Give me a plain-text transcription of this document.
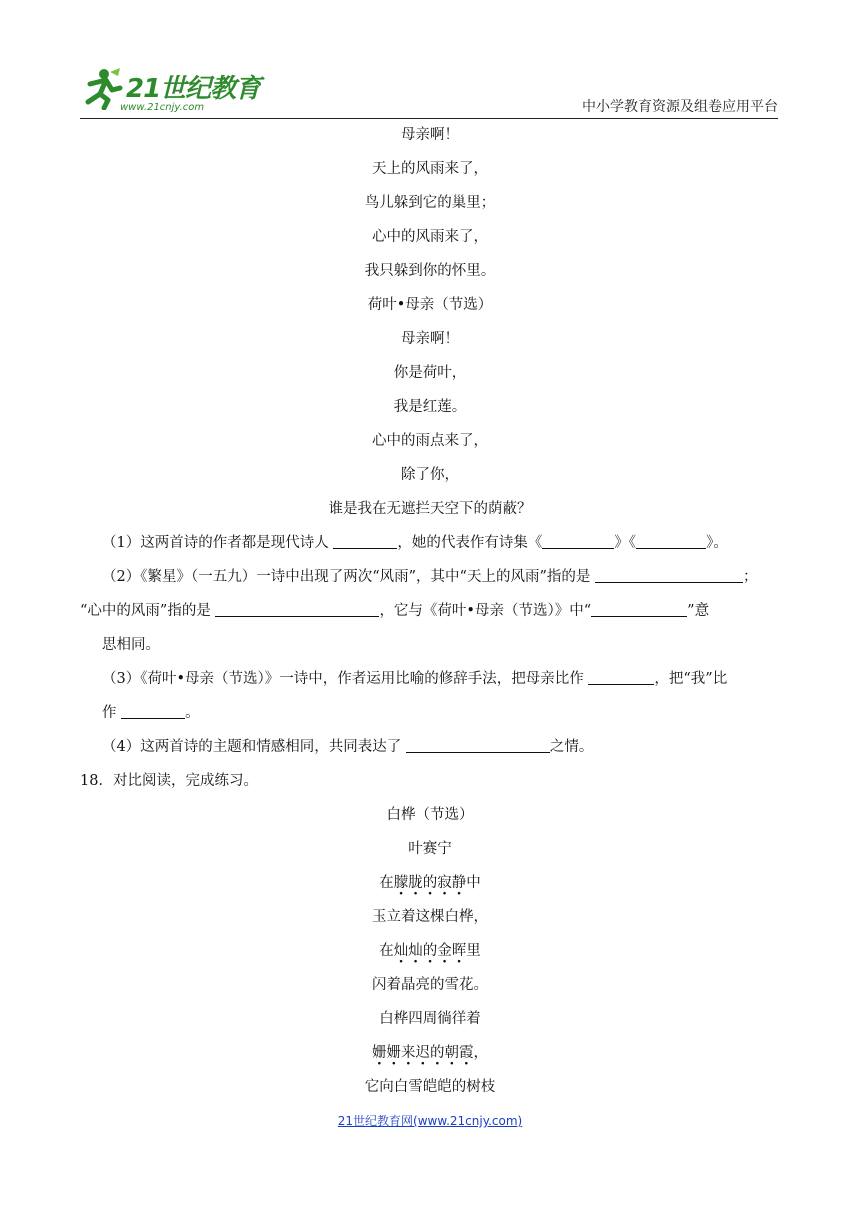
21世纪教育
www.21cnjy.com	中小学教育资源及组卷应用平台
母亲啊！
天上的风雨来了，
鸟儿躲到它的巢里；
心中的风雨来了，
我只躲到你的怀里。
荷叶•母亲（节选）
母亲啊！
你是荷叶，
我是红莲。
心中的雨点来了，
除了你，
谁是我在无遮拦天空下的荫蔽？
（1）这两首诗的作者都是现代诗人	，她的代表作有诗集《	》《	》。
（2）《繁星》（一五九）一诗中出现了两次“风雨”，其中“天上的风雨”指的是	；
“心中的风雨”指的是	，它与《荷叶•母亲（节选）》中“	”意
思相同。
（3）《荷叶•母亲（节选）》一诗中，作者运用比喻的修辞手法，把母亲比作	，把“我”比
作	。
（4）这两首诗的主题和情感相同，共同表达了	之情。
18．对比阅读，完成练习。
白桦（节选）
叶赛宁
在朦胧的寂静中
玉立着这棵白桦，
在灿灿的金晖里
闪着晶亮的雪花。
白桦四周徜徉着
姗姗来迟的朝霞，
它向白雪皑皑的树枝
21世纪教育网(www.21cnjy.com)
